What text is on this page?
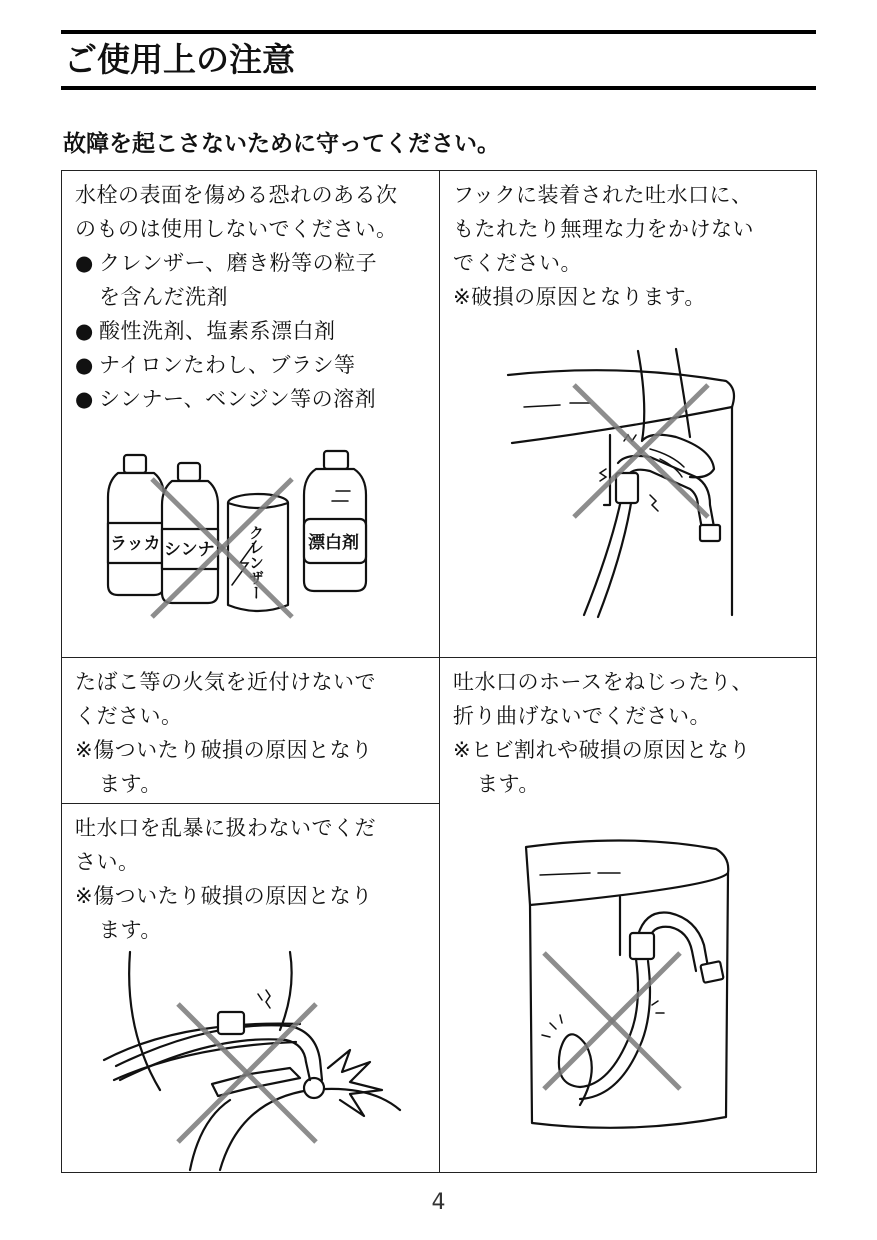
ご使用上の注意
故障を起こさないために守ってください。
水栓の表面を傷める恐れのある次
のものは使用しないでください。
● クレンザー、磨き粉等の粒子
を含んだ洗剤
● 酸性洗剤、塩素系漂白剤
● ナイロンたわし、ブラシ等
● シンナー、ベンジン等の溶剤
ラッカ シンナ クレンザー	漂白剤
フックに装着された吐水口に、
もたれたり無理な力をかけない
でください。
※破損の原因となります。
たばこ等の火気を近付けないで
ください。
※傷ついたり破損の原因となり
ます。
吐水口を乱暴に扱わないでくだ
さい。
※傷ついたり破損の原因となり
ます。
吐水口のホースをねじったり、
折り曲げないでください。
※ヒビ割れや破損の原因となり
ます。
4
